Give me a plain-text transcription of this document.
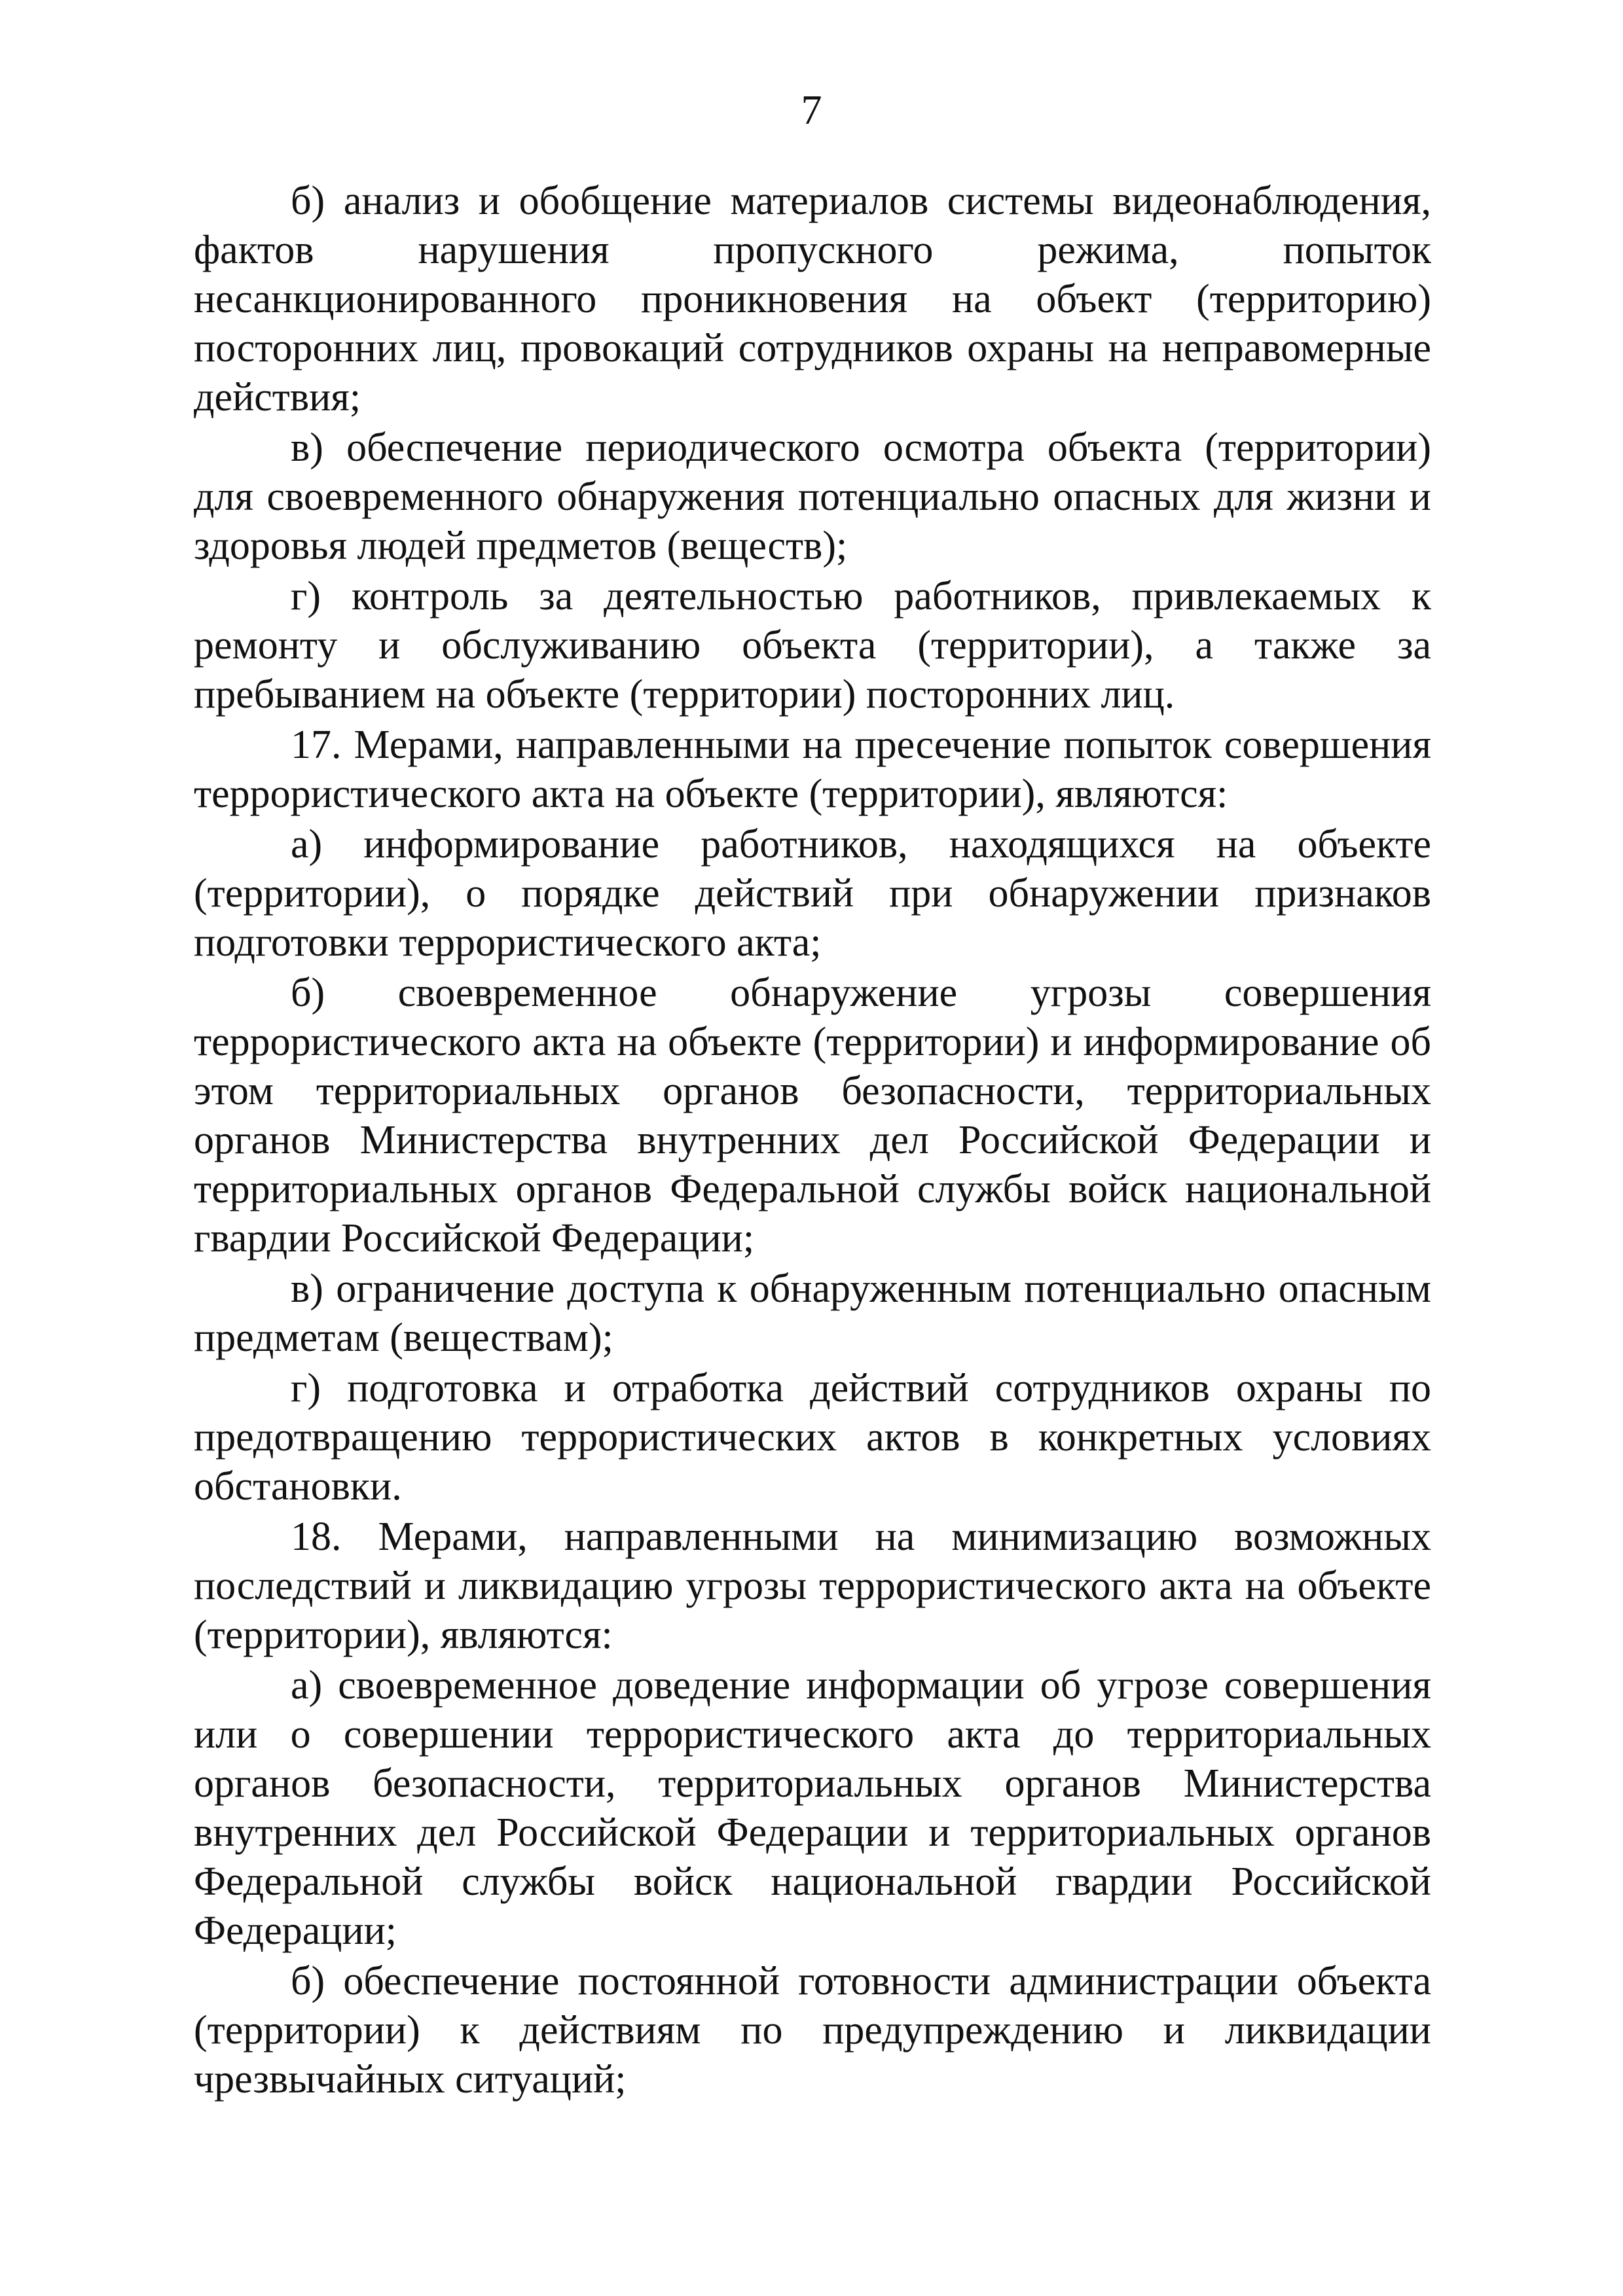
7

б) анализ и обобщение материалов системы видеонаблюдения, фактов нарушения пропускного режима, попыток несанкционированного проникновения на объект (территорию) посторонних лиц, провокаций сотрудников охраны на неправомерные действия;

в) обеспечение периодического осмотра объекта (территории) для своевременного обнаружения потенциально опасных для жизни и здоровья людей предметов (веществ);

г) контроль за деятельностью работников, привлекаемых к ремонту и обслуживанию объекта (территории), а также за пребыванием на объекте (территории) посторонних лиц.

17. Мерами, направленными на пресечение попыток совершения террористического акта на объекте (территории), являются:

а) информирование работников, находящихся на объекте (территории), о порядке действий при обнаружении признаков подготовки террористического акта;

б) своевременное обнаружение угрозы совершения террористического акта на объекте (территории) и информирование об этом территориальных органов безопасности, территориальных органов Министерства внутренних дел Российской Федерации и территориальных органов Федеральной службы войск национальной гвардии Российской Федерации;

в) ограничение доступа к обнаруженным потенциально опасным предметам (веществам);

г) подготовка и отработка действий сотрудников охраны по предотвращению террористических актов в конкретных условиях обстановки.

18. Мерами, направленными на минимизацию возможных последствий и ликвидацию угрозы террористического акта на объекте (территории), являются:

а) своевременное доведение информации об угрозе совершения или о совершении террористического акта до территориальных органов безопасности, территориальных органов Министерства внутренних дел Российской Федерации и территориальных органов Федеральной службы войск национальной гвардии Российской Федерации;

б) обеспечение постоянной готовности администрации объекта (территории) к действиям по предупреждению и ликвидации чрезвычайных ситуаций;
